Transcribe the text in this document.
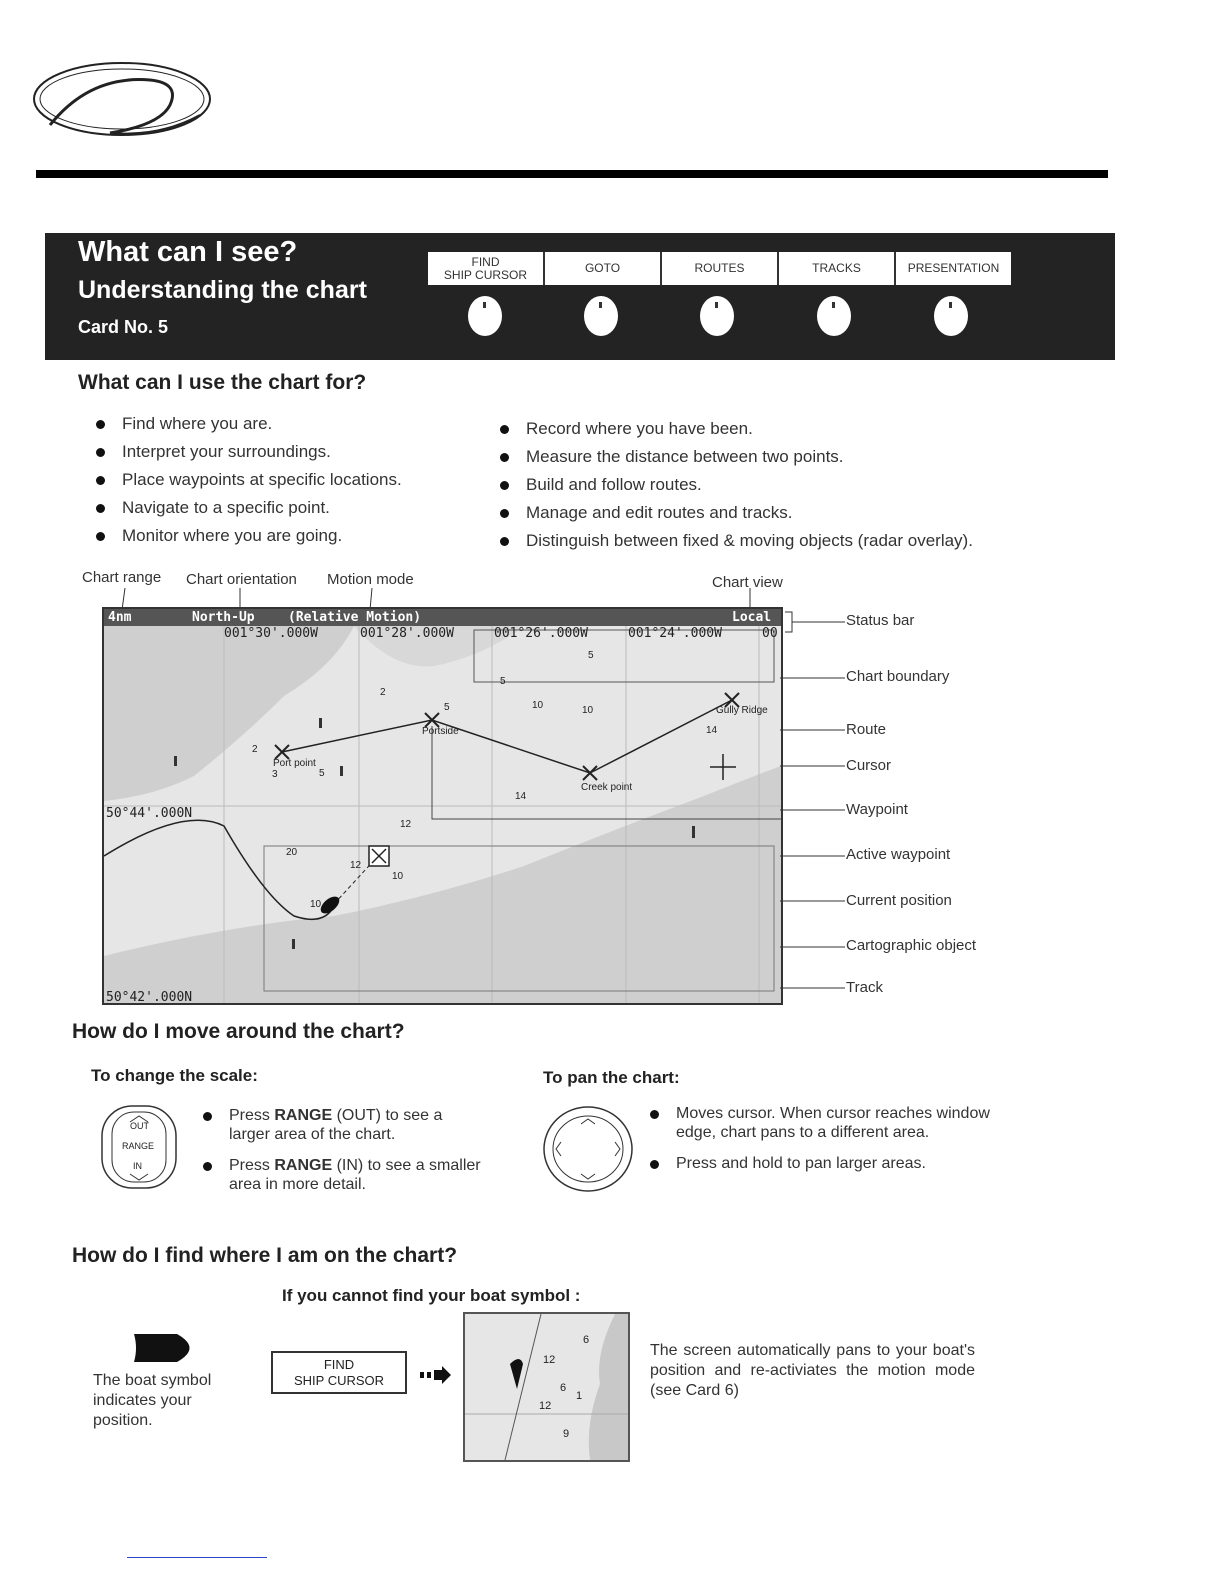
What can I see?
Understanding the chart
Card No. 5
FIND
SHIP CURSOR	GOTO	ROUTES	TRACKS	PRESENTATION
What can I use the chart for?
Find where you are.
Interpret your surroundings.
Place waypoints at specific locations.
Navigate to a specific point.
Monitor where you are going.
Record where you have been.
Measure the distance between two points.
Build and follow routes.
Manage and edit routes and tracks.
Distinguish between fixed & moving objects (radar overlay).
Chart range Chart orientation Motion mode	Chart view
4nm	North-Up	(Relative Motion)	Local
001°30'.000W	001°28'.000W	001°26'.000W	001°24'.000W	00
50°44'.000N
50°42'.000N
Portside
Port point
Creek point
Gully Ridge
2
5	10	10
5
5
14
12
20
12
10
10
2
14
3	5
Status bar
Chart boundary
Route
Cursor
Waypoint
Active waypoint
Current position
Cartographic object
Track
How do I move around the chart?
To change the scale:
OUT
RANGE
IN
Press RANGE (OUT) to see a larger area of the chart.
Press RANGE (IN) to see a smaller area in more detail.
To pan the chart:
Moves cursor. When cursor reaches window edge, chart pans to a different area.
Press and hold to pan larger areas.
How do I find where I am on the chart?
If you cannot find your boat symbol :
The boat symbol indicates your position.
FIND
SHIP CURSOR
6
12
6
1
12
9
The screen automatically pans to your boat's position and re-activiates the motion mode (see Card 6)
